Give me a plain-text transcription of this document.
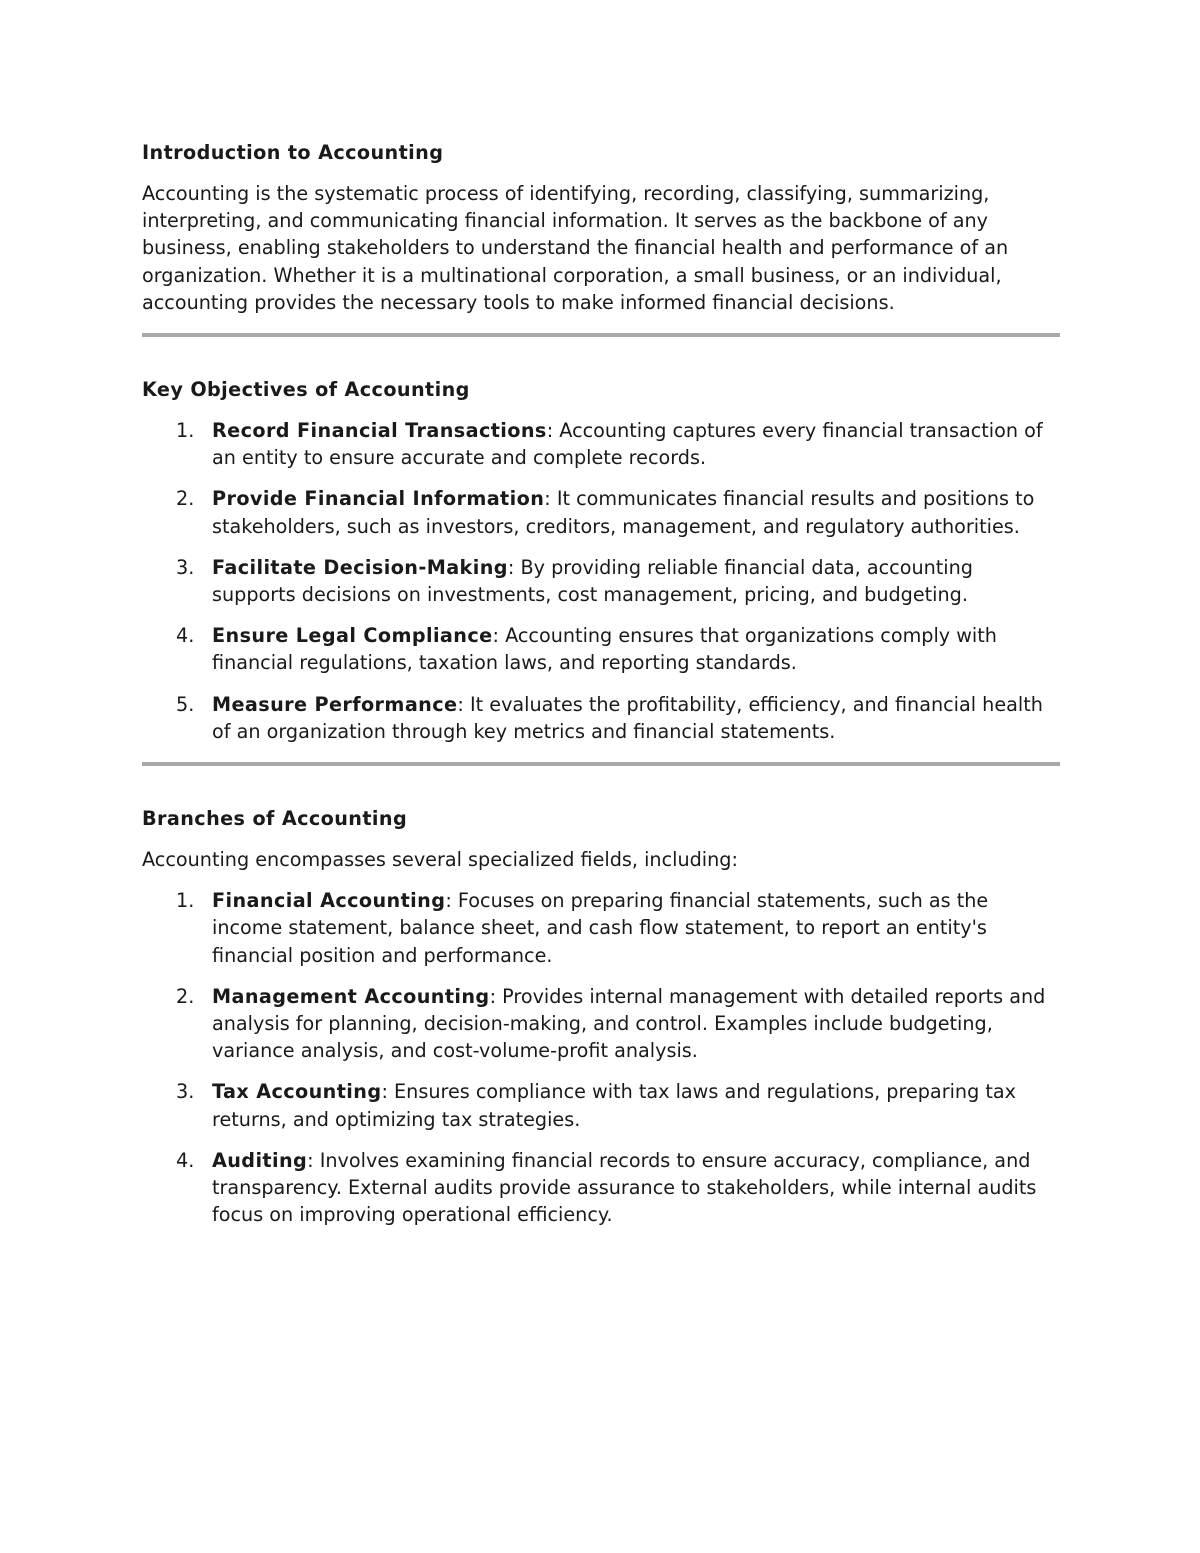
Introduction to Accounting

Accounting is the systematic process of identifying, recording, classifying, summarizing, interpreting, and communicating financial information. It serves as the backbone of any business, enabling stakeholders to understand the financial health and performance of an organization. Whether it is a multinational corporation, a small business, or an individual, accounting provides the necessary tools to make informed financial decisions.

Key Objectives of Accounting
1. Record Financial Transactions: Accounting captures every financial transaction of an entity to ensure accurate and complete records.
2. Provide Financial Information: It communicates financial results and positions to stakeholders, such as investors, creditors, management, and regulatory authorities.
3. Facilitate Decision-Making: By providing reliable financial data, accounting supports decisions on investments, cost management, pricing, and budgeting.
4. Ensure Legal Compliance: Accounting ensures that organizations comply with financial regulations, taxation laws, and reporting standards.
5. Measure Performance: It evaluates the profitability, efficiency, and financial health of an organization through key metrics and financial statements.
Branches of Accounting

Accounting encompasses several specialized fields, including:

1. Financial Accounting: Focuses on preparing financial statements, such as the income statement, balance sheet, and cash flow statement, to report an entity's financial position and performance.
2. Management Accounting: Provides internal management with detailed reports and analysis for planning, decision-making, and control. Examples include budgeting, variance analysis, and cost-volume-profit analysis.
3. Tax Accounting: Ensures compliance with tax laws and regulations, preparing tax returns, and optimizing tax strategies.
4. Auditing: Involves examining financial records to ensure accuracy, compliance, and transparency. External audits provide assurance to stakeholders, while internal audits focus on improving operational efficiency.
